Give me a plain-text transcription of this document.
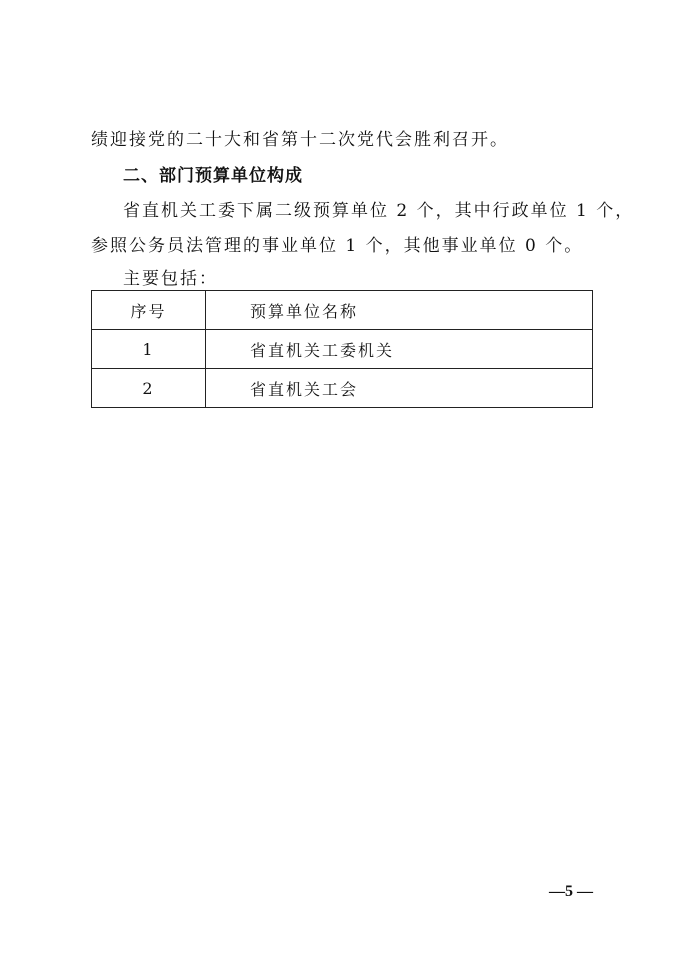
绩迎接党的二十大和省第十二次党代会胜利召开。
二、部门预算单位构成
省直机关工委下属二级预算单位 2 个，其中行政单位 1 个，
参照公务员法管理的事业单位 1 个，其他事业单位 0 个。
主要包括：
序号	预算单位名称
1	省直机关工委机关
2	省直机关工会
—5 —
